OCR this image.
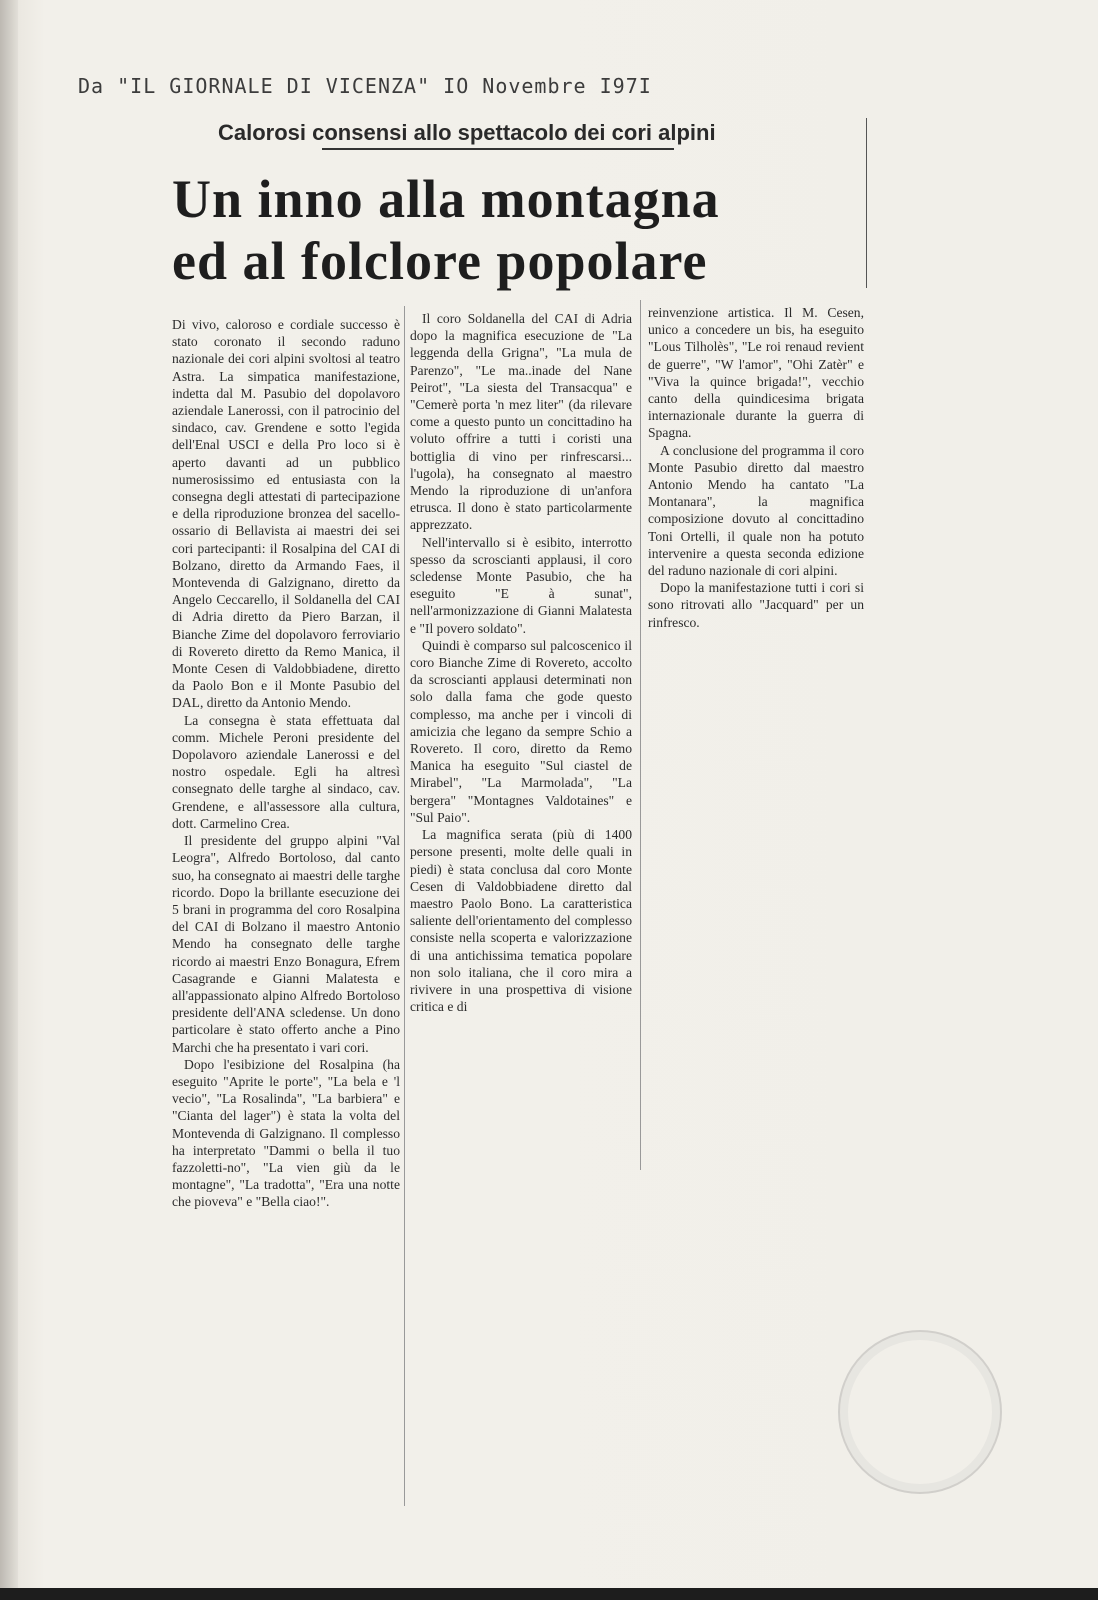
Da "IL GIORNALE DI VICENZA" IO Novembre I97I
Calorosi consensi allo spettacolo dei cori alpini
Un inno alla montagna
ed al folclore popolare

Di vivo, caloroso e cordiale successo è stato coronato il secondo raduno nazionale dei cori alpini svoltosi al teatro Astra. La simpatica manifestazione, indetta dal M. Pasubio del dopolavoro aziendale Lanerossi, con il patrocinio del sindaco, cav. Grendene e sotto l'egida dell'Enal USCI e della Pro loco si è aperto davanti ad un pubblico numerosissimo ed entusiasta con la consegna degli attestati di partecipazione e della riproduzione bronzea del sacello-ossario di Bellavista ai maestri dei sei cori partecipanti: il Rosalpina del CAI di Bolzano, diretto da Armando Faes, il Montevenda di Galzignano, diretto da Angelo Ceccarello, il Soldanella del CAI di Adria diretto da Piero Barzan, il Bianche Zime del dopolavoro ferroviario di Rovereto diretto da Remo Manica, il Monte Cesen di Valdobbiadene, diretto da Paolo Bon e il Monte Pasubio del DAL, diretto da Antonio Mendo.

La consegna è stata effettuata dal comm. Michele Peroni presidente del Dopolavoro aziendale Lanerossi e del nostro ospedale. Egli ha altresì consegnato delle targhe al sindaco, cav. Grendene, e all'assessore alla cultura, dott. Carmelino Crea.

Il presidente del gruppo alpini "Val Leogra", Alfredo Bortoloso, dal canto suo, ha consegnato ai maestri delle targhe ricordo. Dopo la brillante esecuzione dei 5 brani in programma del coro Rosalpina del CAI di Bolzano il maestro Antonio Mendo ha consegnato delle targhe ricordo ai maestri Enzo Bonagura, Efrem Casagrande e Gianni Malatesta e all'appassionato alpino Alfredo Bortoloso presidente dell'ANA scledense. Un dono particolare è stato offerto anche a Pino Marchi che ha presentato i vari cori.

Dopo l'esibizione del Rosalpina (ha eseguito "Aprite le porte", "La bela e 'l vecio", "La Rosalinda", "La barbiera" e "Cianta del lager") è stata la volta del Montevenda di Galzignano. Il complesso ha interpretato "Dammi o bella il tuo fazzoletti-no", "La vien giù da le montagne", "La tradotta", "Era una notte che pioveva" e "Bella ciao!".

Il coro Soldanella del CAI di Adria dopo la magnifica esecuzione de "La leggenda della Grigna", "La mula de Parenzo", "Le ma..inade del Nane Peirot", "La siesta del Transacqua" e "Cemerè porta 'n mez liter" (da rilevare come a questo punto un concittadino ha voluto offrire a tutti i coristi una bottiglia di vino per rinfrescarsi... l'ugola), ha consegnato al maestro Mendo la riproduzione di un'anfora etrusca. Il dono è stato particolarmente apprezzato.

Nell'intervallo si è esibito, interrotto spesso da scroscianti applausi, il coro scledense Monte Pasubio, che ha eseguito "E à sunat", nell'armonizzazione di Gianni Malatesta e "Il povero soldato".

Quindi è comparso sul palcoscenico il coro Bianche Zime di Rovereto, accolto da scroscianti applausi determinati non solo dalla fama che gode questo complesso, ma anche per i vincoli di amicizia che legano da sempre Schio a Rovereto. Il coro, diretto da Remo Manica ha eseguito "Sul ciastel de Mirabel", "La Marmolada", "La bergera" "Montagnes Valdotaines" e "Sul Paio".

La magnifica serata (più di 1400 persone presenti, molte delle quali in piedi) è stata conclusa dal coro Monte Cesen di Valdobbiadene diretto dal maestro Paolo Bono. La caratteristica saliente dell'orientamento del complesso consiste nella scoperta e valorizzazione di una antichissima tematica popolare non solo italiana, che il coro mira a rivivere in una prospettiva di visione critica e di

reinvenzione artistica. Il M. Cesen, unico a concedere un bis, ha eseguito "Lous Tilholès", "Le roi renaud revient de guerre", "W l'amor", "Ohi Zatèr" e "Viva la quince brigada!", vecchio canto della quindicesima brigata internazionale durante la guerra di Spagna.

A conclusione del programma il coro Monte Pasubio diretto dal maestro Antonio Mendo ha cantato "La Montanara", la magnifica composizione dovuto al concittadino Toni Ortelli, il quale non ha potuto intervenire a questa seconda edizione del raduno nazionale di cori alpini.

Dopo la manifestazione tutti i cori si sono ritrovati allo "Jacquard" per un rinfresco.
